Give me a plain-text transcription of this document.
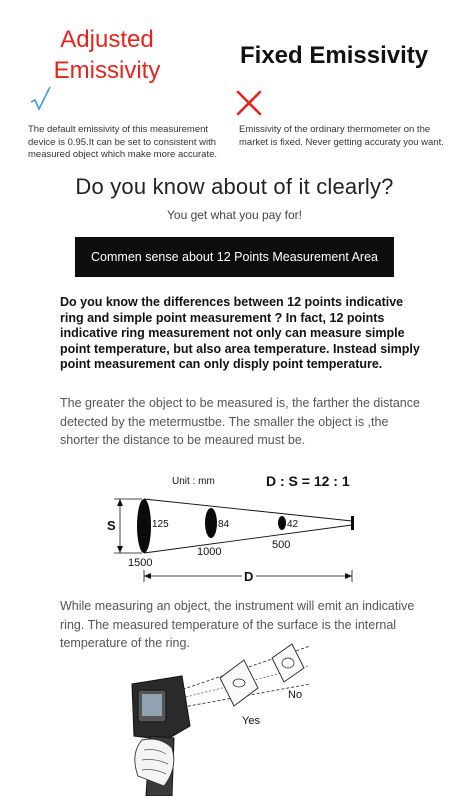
Adjusted
Emissivity
Fixed Emissivity
The default emissivity of this measurement device is 0.95.It can be set to consistent with measured object which make more accurate.
Emissivity of the ordinary thermometer on the market is fixed. Never getting accuraty you want.
Do you know about of it clearly?
You get what you pay for!
Commen sense about 12 Points Measurement Area
Do you know the differences between 12 points indicative ring and simple point measurement ? In fact, 12 points indicative ring measurement not only can measure simple point temperature, but also area temperature. Instead simply point measurement can only disply point temperature.
The greater the object to be measured is, the farther the distance detected by the metermustbe. The smaller the object is ,the shorter the distance to be meaured must be.
Unit : mm	D : S = 12 : 1
S	125	84	42
1500
1000
500
D
While measuring an object, the instrument will emit an indicative ring. The measured temperature of the surface is the internal temperature of the ring.
Yes
No
